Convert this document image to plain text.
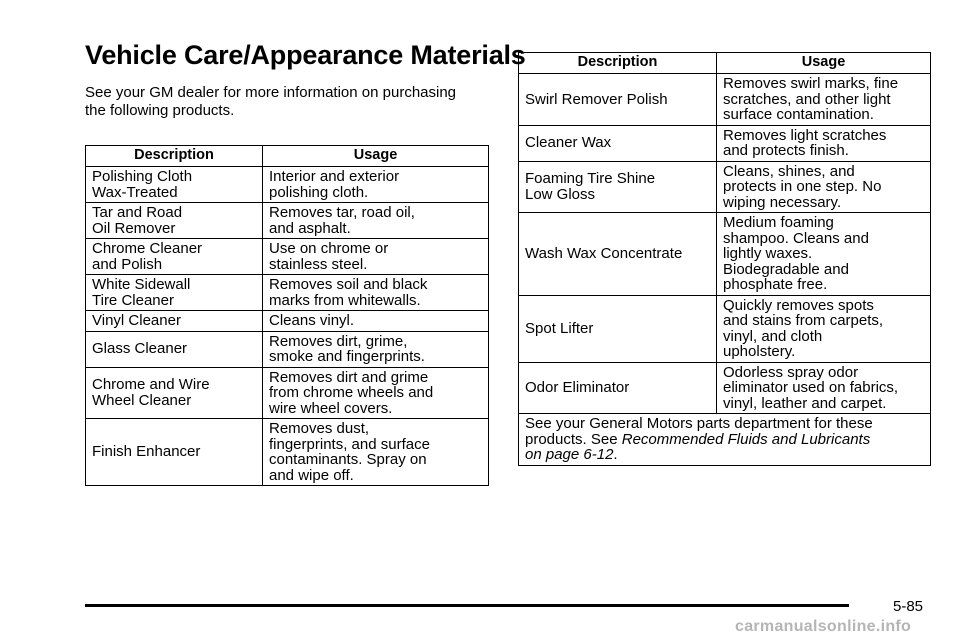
Vehicle Care/Appearance Materials

See your GM dealer for more information on purchasing
the following products.

Description	Usage

Polishing Cloth
Wax-Treated	Interior and exterior
polishing cloth.

Tar and Road
Oil Remover	Removes tar, road oil,
and asphalt.

Chrome Cleaner
and Polish	Use on chrome or
stainless steel.

White Sidewall
Tire Cleaner	Removes soil and black
marks from whitewalls.

Vinyl Cleaner	Cleans vinyl.

Glass Cleaner	Removes dirt, grime,
smoke and fingerprints.

Chrome and Wire
Wheel Cleaner	Removes dirt and grime
from chrome wheels and
wire wheel covers.

Finish Enhancer	Removes dust,
fingerprints, and surface
contaminants. Spray on
and wipe off.
Description	Usage

Swirl Remover Polish	Removes swirl marks, fine
scratches, and other light
surface contamination.

Cleaner Wax	Removes light scratches
and protects finish.

Foaming Tire Shine
Low Gloss	Cleans, shines, and
protects in one step. No
wiping necessary.

Wash Wax Concentrate	Medium foaming
shampoo. Cleans and
lightly waxes.
Biodegradable and
phosphate free.

Spot Lifter	Quickly removes spots
and stains from carpets,
vinyl, and cloth
upholstery.

Odor Eliminator	Odorless spray odor
eliminator used on fabrics,
vinyl, leather and carpet.

See your General Motors parts department for these
products. See Recommended Fluids and Lubricants
on page 6-12.	
5-85
carmanualsonline.info
